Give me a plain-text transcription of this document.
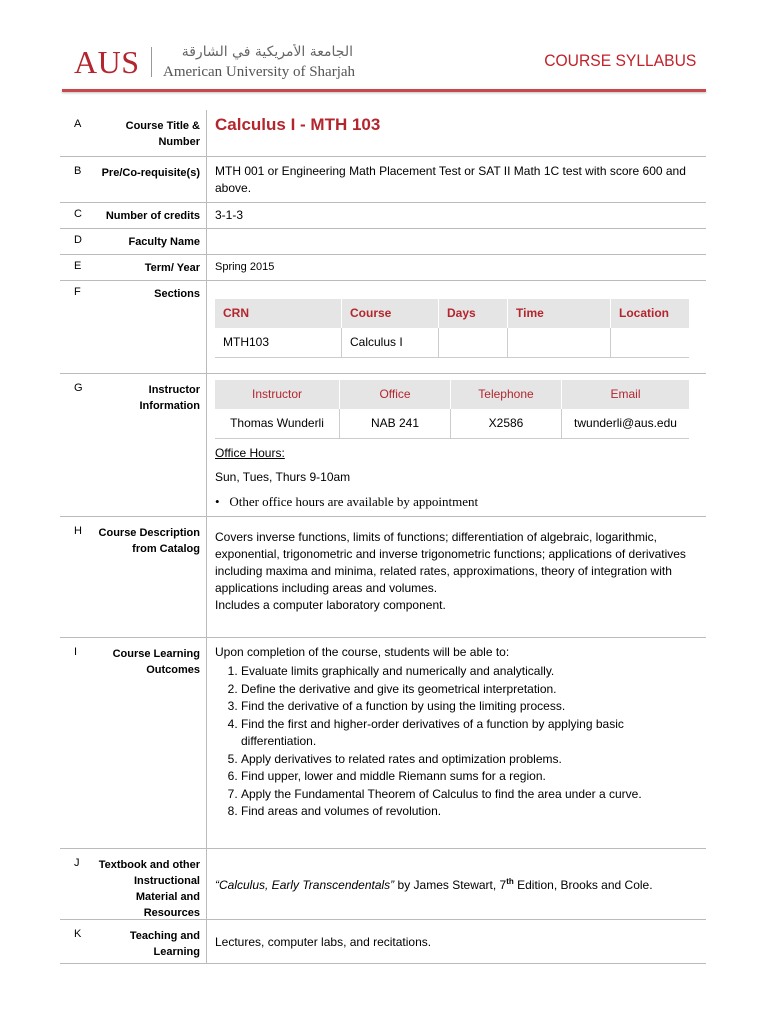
AUS	الجامعة الأمريكية في الشارقة
American University of Sharjah
COURSE SYLLABUS
A	Course Title & Number
Calculus I - MTH 103
B	Pre/Co-requisite(s)	MTH 001 or Engineering Math Placement Test or SAT II Math 1C test with score 600 and above.
C	Number of credits	3-1-3
D	Faculty Name
E	Term/ Year	Spring 2015
F	Sections
CRN	Course	Days	Time	Location
MTH103	Calculus I			
G	Instructor Information
Instructor	Office	Telephone	Email
Thomas Wunderli	NAB 241	X2586	twunderli@aus.edu
Office Hours:
Sun, Tues, Thurs 9-10am
•   Other office hours are available by appointment
H	Course Description from Catalog
Covers inverse functions, limits of functions; differentiation of algebraic, logarithmic, exponential, trigonometric and inverse trigonometric functions; applications of derivatives including maxima and minima, related rates, approximations, theory of integration with applications including areas and volumes.
Includes a computer laboratory component.
I	Course Learning Outcomes
Upon completion of the course, students will be able to:
1. Evaluate limits graphically and numerically and analytically.
2. Define the derivative and give its geometrical interpretation.
3. Find the derivative of a function by using the limiting process.
4. Find the first and higher-order derivatives of a function by applying basic differentiation.
5. Apply derivatives to related rates and optimization problems.
6. Find upper, lower and middle Riemann sums for a region.
7. Apply the Fundamental Theorem of Calculus to find the area under a curve.
8. Find areas and volumes of revolution.
J	Textbook and other Instructional Material and Resources
“Calculus, Early Transcendentals” by James Stewart, 7th Edition, Brooks and Cole.
K	Teaching and Learning
Lectures, computer labs, and recitations.
